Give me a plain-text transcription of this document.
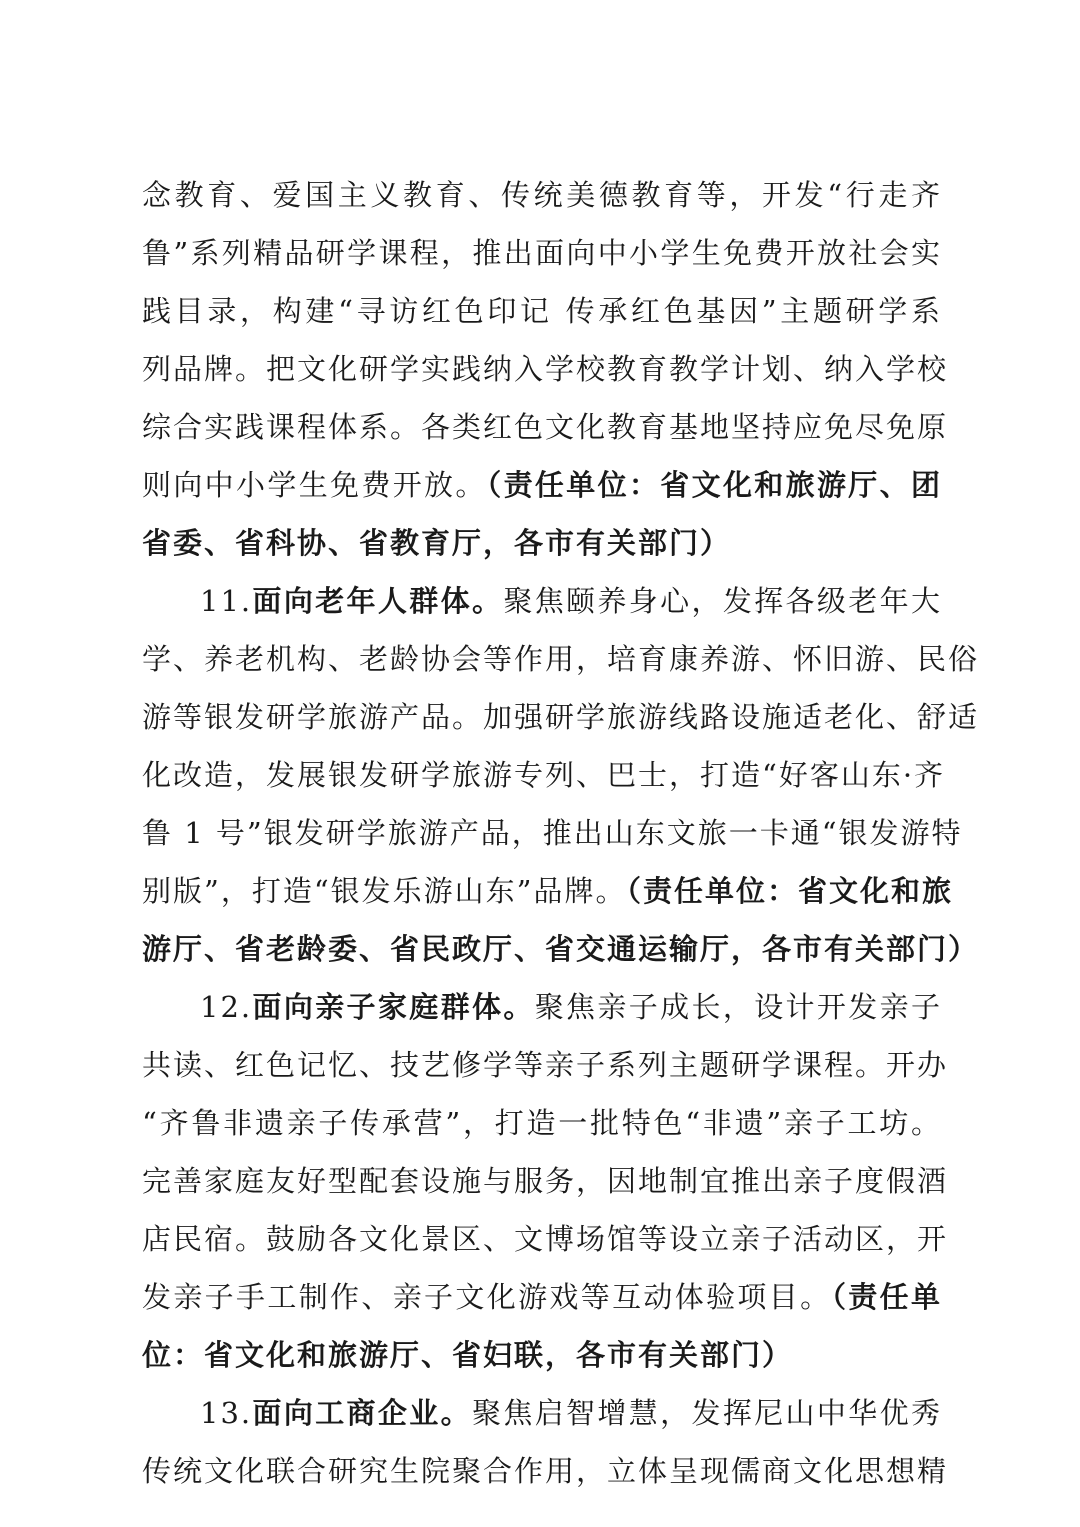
念教育、爱国主义教育、传统美德教育等，开发“行走齐
鲁”系列精品研学课程，推出面向中小学生免费开放社会实
践目录，构建“寻访红色印记 传承红色基因”主题研学系
列品牌。把文化研学实践纳入学校教育教学计划、纳入学校
综合实践课程体系。各类红色文化教育基地坚持应免尽免原
则向中小学生免费开放。（责任单位：省文化和旅游厅、团
省委、省科协、省教育厅，各市有关部门）
11.面向老年人群体。聚焦颐养身心，发挥各级老年大
学、养老机构、老龄协会等作用，培育康养游、怀旧游、民俗
游等银发研学旅游产品。加强研学旅游线路设施适老化、舒适
化改造，发展银发研学旅游专列、巴士，打造“好客山东·齐
鲁 1 号”银发研学旅游产品，推出山东文旅一卡通“银发游特
别版”，打造“银发乐游山东”品牌。（责任单位：省文化和旅
游厅、省老龄委、省民政厅、省交通运输厅，各市有关部门）
12.面向亲子家庭群体。聚焦亲子成长，设计开发亲子
共读、红色记忆、技艺修学等亲子系列主题研学课程。开办
“齐鲁非遗亲子传承营”，打造一批特色“非遗”亲子工坊。
完善家庭友好型配套设施与服务，因地制宜推出亲子度假酒
店民宿。鼓励各文化景区、文博场馆等设立亲子活动区，开
发亲子手工制作、亲子文化游戏等互动体验项目。（责任单
位：省文化和旅游厅、省妇联，各市有关部门）
13.面向工商企业。聚焦启智增慧，发挥尼山中华优秀
传统文化联合研究生院聚合作用，立体呈现儒商文化思想精
